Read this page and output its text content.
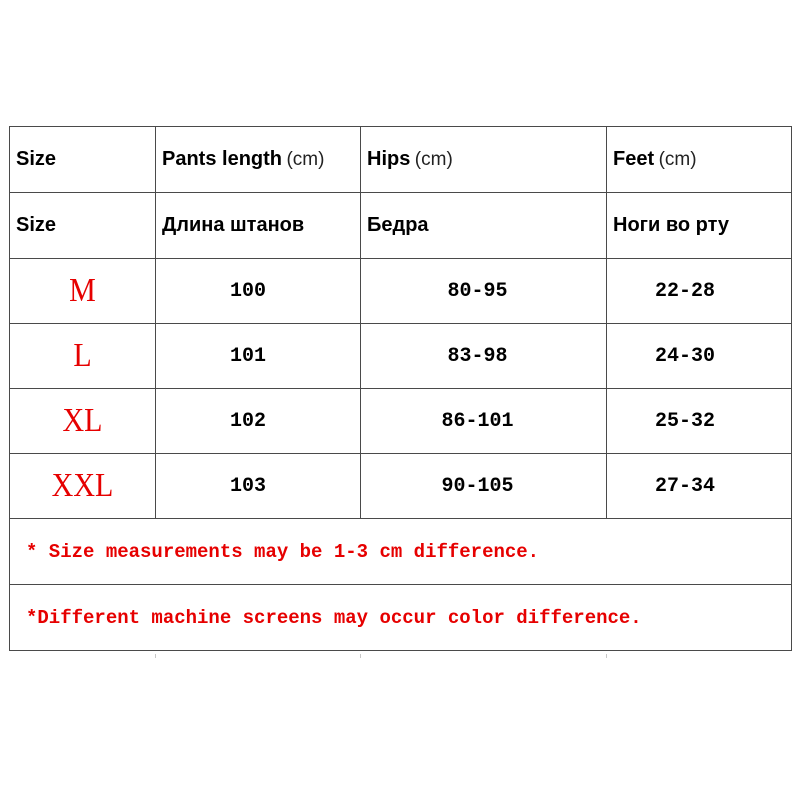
Size	Pants length (cm)	Hips (cm)	Feet (cm)
Size	Длина штанов	Бедра	Ноги во рту

M	100	80-95	22-28

L	101	83-98	24-30

XL	102	86-101	25-32

XXL	103	90-105	27-34

* Size measurements may be 1-3 cm difference.			
*Different machine screens may occur color difference.			
